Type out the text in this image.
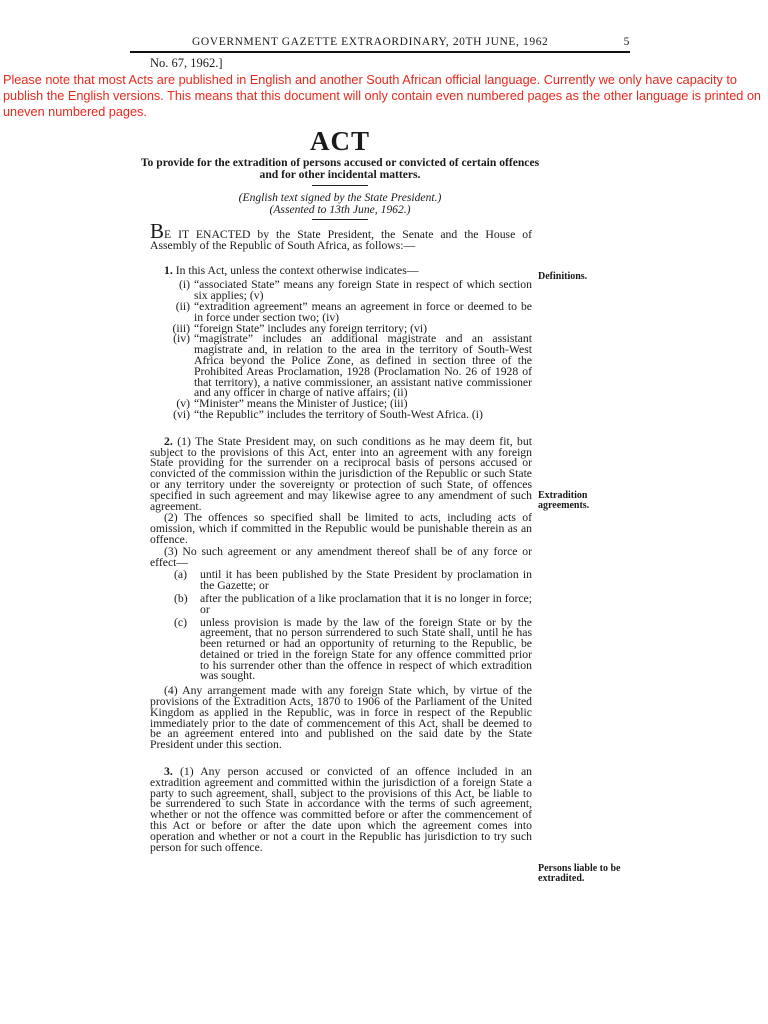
GOVERNMENT GAZETTE EXTRAORDINARY, 20TH JUNE, 1962	5
No. 67, 1962.]
Please note that most Acts are published in English and another South African official language. Currently we only have capacity to publish the English versions. This means that this document will only contain even numbered pages as the other language is printed on uneven numbered pages.
ACT
To provide for the extradition of persons accused or convicted of certain offences and for other incidental matters.
(English text signed by the State President.)
(Assented to 13th June, 1962.)
Definitions.
Extradition agreements.
Persons liable to be extradited.

BE IT ENACTED by the State President, the Senate and the House of Assembly of the Republic of South Africa, as follows:—

1. In this Act, unless the context otherwise indicates—

(i) “associated State” means any foreign State in respect of which section six applies; (v)
(ii) “extradition agreement” means an agreement in force or deemed to be in force under section two; (iv)
(iii) “foreign State” includes any foreign territory; (vi)
(iv) “magistrate” includes an additional magistrate and an assistant magistrate and, in relation to the area in the territory of South-West Africa beyond the Police Zone, as defined in section three of the Prohibited Areas Proclamation, 1928 (Proclamation No. 26 of 1928 of that territory), a native commissioner, an assistant native commissioner and any officer in charge of native affairs; (ii)
(v) “Minister” means the Minister of Justice; (iii)
(vi) “the Republic” includes the territory of South-West Africa. (i)

2. (1) The State President may, on such conditions as he may deem fit, but subject to the provisions of this Act, enter into an agreement with any foreign State providing for the surrender on a reciprocal basis of persons accused or convicted of the commission within the jurisdiction of the Republic or such State or any territory under the sovereignty or protection of such State, of offences specified in such agreement and may likewise agree to any amendment of such agreement.

(2) The offences so specified shall be limited to acts, including acts of omission, which if committed in the Republic would be punishable therein as an offence.

(3) No such agreement or any amendment thereof shall be of any force or effect—

(a)	until it has been published by the State President by proclamation in the Gazette; or
(b)	after the publication of a like proclamation that it is no longer in force; or
(c)	unless provision is made by the law of the foreign State or by the agreement, that no person surrendered to such State shall, until he has been returned or had an opportunity of returning to the Republic, be detained or tried in the foreign State for any offence committed prior to his surrender other than the offence in respect of which extradition was sought.

(4) Any arrangement made with any foreign State which, by virtue of the provisions of the Extradition Acts, 1870 to 1906 of the Parliament of the United Kingdom as applied in the Republic, was in force in respect of the Republic immediately prior to the date of commencement of this Act, shall be deemed to be an agreement entered into and published on the said date by the State President under this section.

3. (1) Any person accused or convicted of an offence included in an extradition agreement and committed within the jurisdiction of a foreign State a party to such agreement, shall, subject to the provisions of this Act, be liable to be surrendered to such State in accordance with the terms of such agreement, whether or not the offence was committed before or after the commencement of this Act or before or after the date upon which the agreement comes into operation and whether or not a court in the Republic has jurisdiction to try such person for such offence.
